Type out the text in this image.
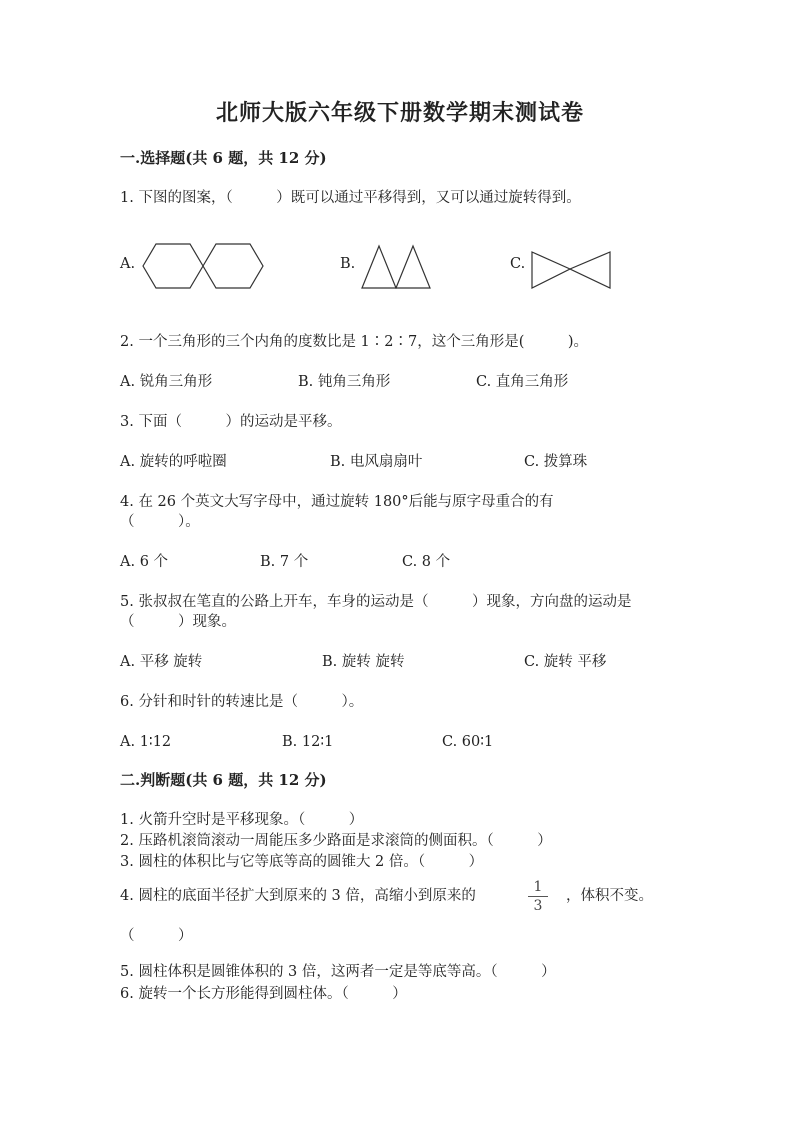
北师大版六年级下册数学期末测试卷
一.选择题(共 6 题，共 12 分)
1. 下图的图案，（　　　）既可以通过平移得到，又可以通过旋转得到。
A.	B.	C.
2. 一个三角形的三个内角的度数比是 1∶2∶7，这个三角形是(　　　)。
A. 锐角三角形	B. 钝角三角形	C. 直角三角形
3. 下面（　　　）的运动是平移。
A. 旋转的呼啦圈	B. 电风扇扇叶	C. 拨算珠
4. 在 26 个英文大写字母中，通过旋转 180°后能与原字母重合的有
（　　　）。
A. 6 个	B. 7 个	C. 8 个
5. 张叔叔在笔直的公路上开车，车身的运动是（　　　）现象，方向盘的运动是
（　　　）现象。
A. 平移 旋转	B. 旋转 旋转	C. 旋转 平移
6. 分针和时针的转速比是（　　　）。
A. 1∶12	B. 12∶1	C. 60∶1
二.判断题(共 6 题，共 12 分)
1. 火箭升空时是平移现象。（　　　）
2. 压路机滚筒滚动一周能压多少路面是求滚筒的侧面积。（　　　）
3. 圆柱的体积比与它等底等高的圆锥大 2 倍。（　　　）
4. 圆柱的底面半径扩大到原来的 3 倍，高缩小到原来的
1
3
，体积不变。
（　　　）
5. 圆柱体积是圆锥体积的 3 倍，这两者一定是等底等高。（　　　）
6. 旋转一个长方形能得到圆柱体。（　　　）
